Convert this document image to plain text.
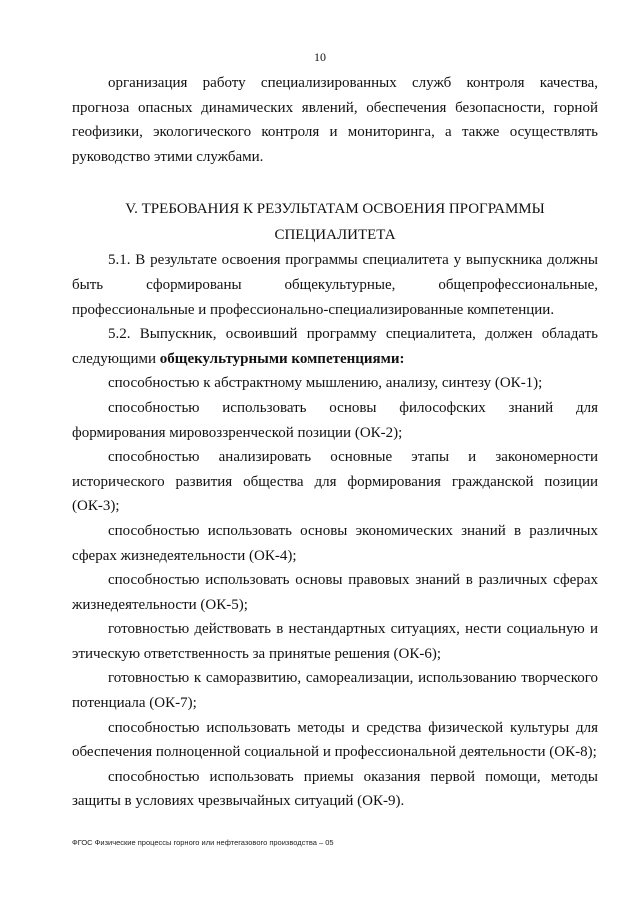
10

организация работу специализированных служб контроля качества, прогноза опасных динамических явлений, обеспечения безопасности, горной геофизики, экологического контроля и мониторинга, а также осуществлять руководство этими службами.

V. ТРЕБОВАНИЯ К РЕЗУЛЬТАТАМ ОСВОЕНИЯ ПРОГРАММЫ
СПЕЦИАЛИТЕТА

5.1. В результате освоения программы специалитета у выпускника должны быть сформированы общекультурные, общепрофессиональные, профессиональные и профессионально-специализированные компетенции.

5.2. Выпускник, освоивший программу специалитета, должен обладать следующими общекультурными компетенциями:

способностью к абстрактному мышлению, анализу, синтезу (ОК-1);

способностью использовать основы философских знаний для формирования мировоззренческой позиции (ОК-2);

способностью анализировать основные этапы и закономерности исторического развития общества для формирования гражданской позиции (ОК-3);

способностью использовать основы экономических знаний в различных сферах жизнедеятельности (ОК-4);

способностью использовать основы правовых знаний в различных сферах жизнедеятельности (ОК-5);

готовностью действовать в нестандартных ситуациях, нести социальную и этическую ответственность за принятые решения (ОК-6);

готовностью к саморазвитию, самореализации, использованию творческого потенциала (ОК-7);

способностью использовать методы и средства физической культуры для обеспечения полноценной социальной и профессиональной деятельности (ОК-8);

способностью использовать приемы оказания первой помощи, методы защиты в условиях чрезвычайных ситуаций (ОК-9).

ФГОС Физические процессы горного или нефтегазового производства – 05
